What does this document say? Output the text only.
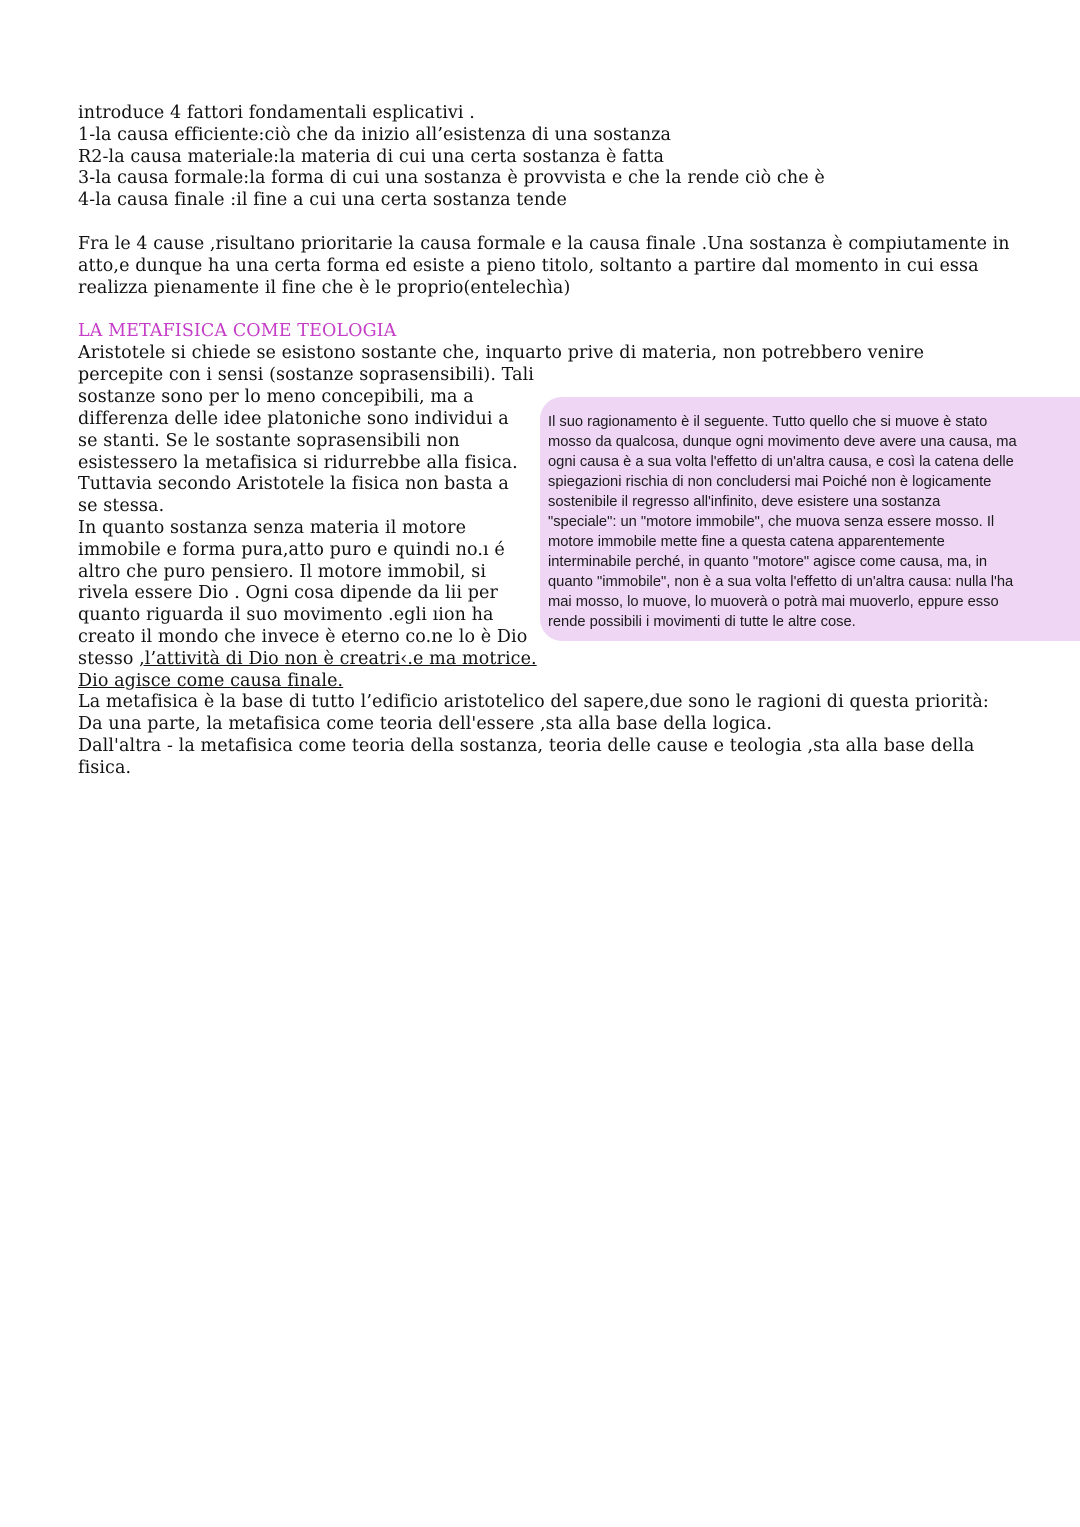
introduce 4 fattori fondamentali esplicativi .
1-la causa efficiente:ciò che da inizio all’esistenza di una sostanza
R2-la causa materiale:la materia di cui una certa sostanza è fatta
3-la causa formale:la forma di cui una sostanza è provvista e che la rende ciò che è
4-la causa finale :il fine a cui una certa sostanza tende
Fra le 4 cause ,risultano prioritarie la causa formale e la causa finale .Una sostanza è compiutamente in
atto,e dunque ha una certa forma ed esiste a pieno titolo, soltanto a partire dal momento in cui essa
realizza pienamente il fine che è le proprio(entelechìa)
LA METAFISICA COME TEOLOGIA
Aristotele si chiede se esistono sostante che, inquarto prive di materia, non potrebbero venire
percepite con i sensi (sostanze soprasensibili). Tali
sostanze sono per lo meno concepibili, ma a
differenza delle idee platoniche sono individui a
se stanti. Se le sostante soprasensibili non
esistessero la metafisica si ridurrebbe alla fisica.
Tuttavia secondo Aristotele la fisica non basta a
se stessa.
In quanto sostanza senza materia il motore
immobile e forma pura,atto puro e quindi no.ı é
altro che puro pensiero. Il motore immobil, si
rivela essere Dio . Ogni cosa dipende da lı̇i per
quanto riguarda il suo movimento .egli ıion ha
creato il mondo che invece è eterno co.ne lo è Dio
stesso ,l’attività di Dio non è creatri‹.e ma motrice.
Dio agisce come causa finale.
La metafisica è la base di tutto l’edificio aristotelico del sapere,due sono le ragioni di questa priorità:
Da una parte, la metafisica come teoria dell'essere ,sta alla base della logica.
Dall'altra - la metafisica come teoria della sostanza, teoria delle cause e teologia ,sta alla base della
fisica.
Il suo ragionamento è il seguente. Tutto quello che si muove è stato
mosso da qualcosa, dunque ogni movimento deve avere una causa, ma
ogni causa è a sua volta l'effetto di un'altra causa, e così la catena delle
spiegazioni rischia di non concludersi mai Poiché non è logicamente
sostenibile il regresso all'infinito, deve esistere una sostanza
"speciale": un "motore immobile", che muova senza essere mosso. Il
motore immobile mette fine a questa catena apparentemente
interminabile perché, in quanto "motore" agisce come causa, ma, in
quanto "immobile", non è a sua volta l'effetto di un'altra causa: nulla l'ha
mai mosso, lo muove, lo muoverà o potrà mai muoverlo, eppure esso
rende possibili i movimenti di tutte le altre cose.
